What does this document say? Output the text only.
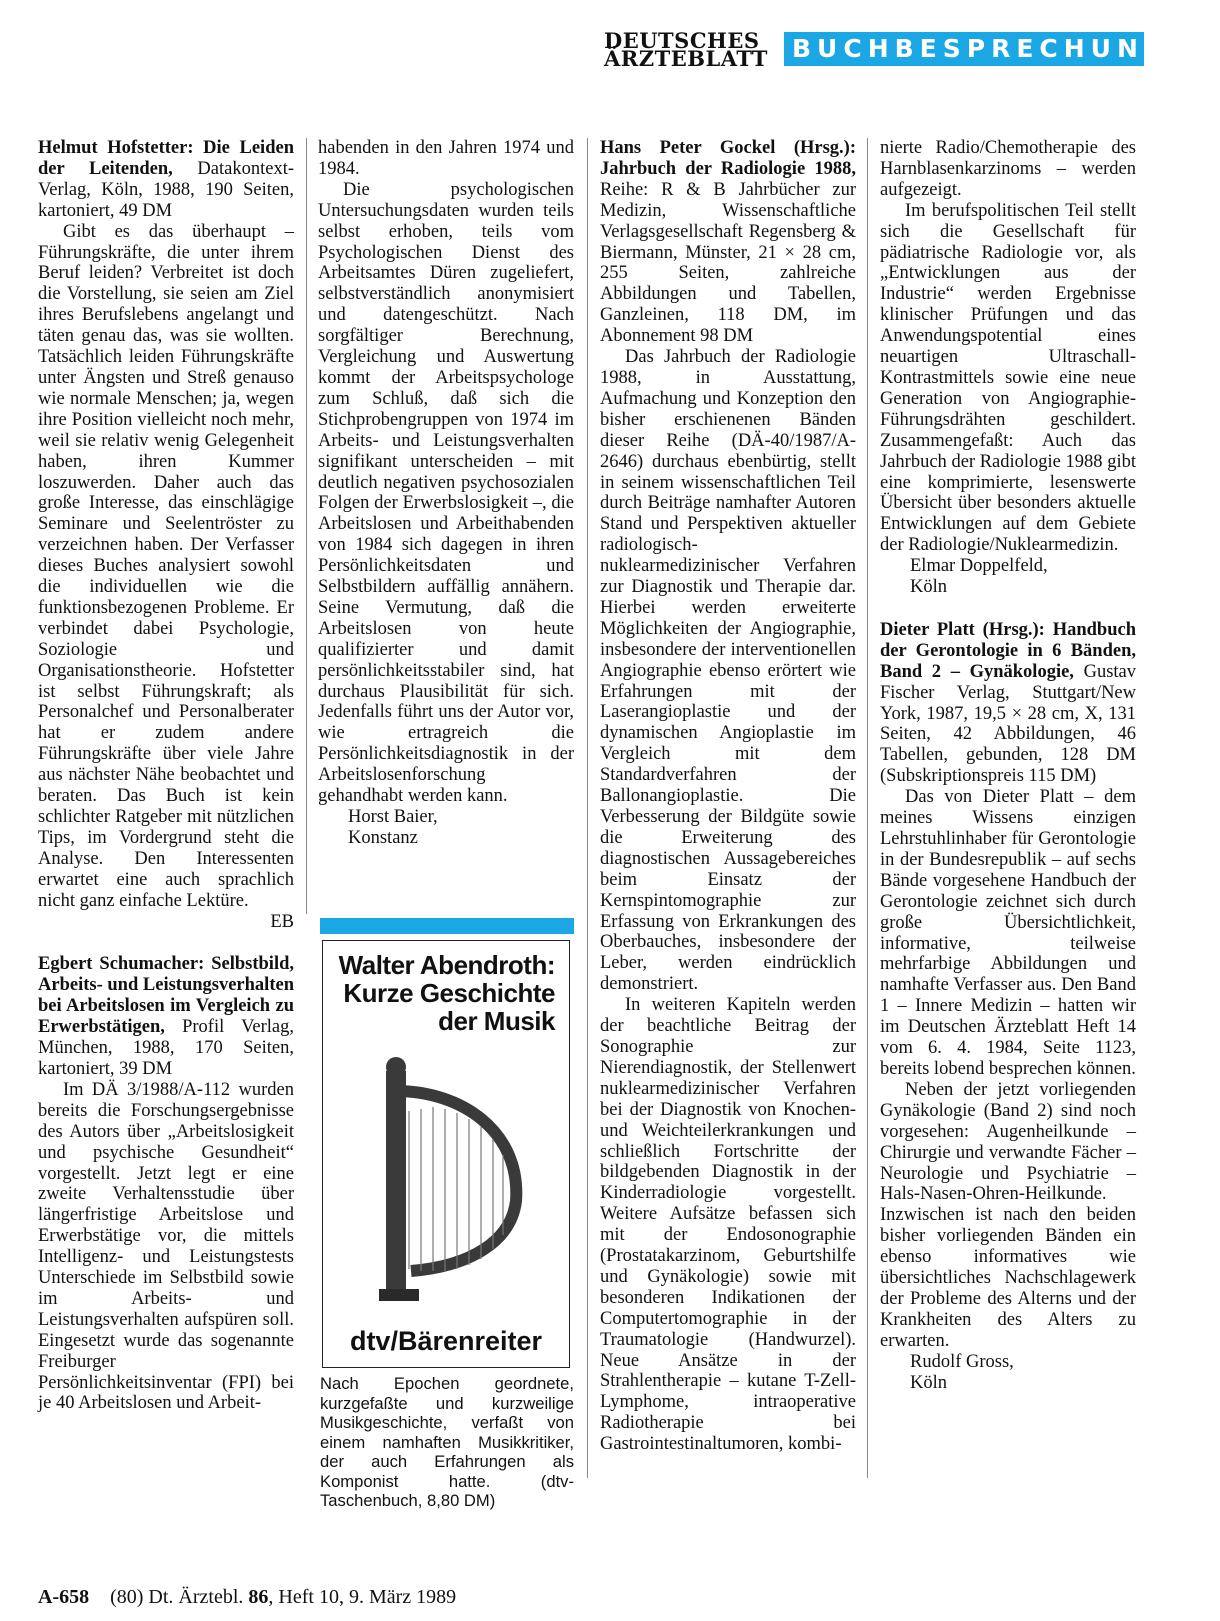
DEUTSCHES
ÄRZTEBLATT BUCHBESPRECHUNGEN

Helmut Hofstetter: Die Leiden der Leitenden, Datakontext-Verlag, Köln, 1988, 190 Seiten, kartoniert, 49 DM

Gibt es das überhaupt – Führungskräfte, die unter ihrem Beruf leiden? Verbreitet ist doch die Vorstellung, sie seien am Ziel ihres Berufslebens angelangt und täten genau das, was sie wollten. Tatsächlich leiden Führungskräfte unter Ängsten und Streß genauso wie normale Menschen; ja, wegen ihre Position vielleicht noch mehr, weil sie relativ wenig Gelegenheit haben, ihren Kummer loszuwerden. Daher auch das große Interesse, das einschlägige Seminare und Seelentröster zu verzeichnen haben. Der Verfasser dieses Buches analysiert sowohl die individuellen wie die funktionsbezogenen Probleme. Er verbindet dabei Psychologie, Soziologie und Organisationstheorie. Hofstetter ist selbst Führungskraft; als Personalchef und Personalberater hat er zudem andere Führungskräfte über viele Jahre aus nächster Nähe beobachtet und beraten. Das Buch ist kein schlichter Ratgeber mit nützlichen Tips, im Vordergrund steht die Analyse. Den Interessenten erwartet eine auch sprachlich nicht ganz einfache Lektüre.

EB

Egbert Schumacher: Selbstbild, Arbeits- und Leistungsverhalten bei Arbeitslosen im Vergleich zu Erwerbstätigen, Profil Verlag, München, 1988, 170 Seiten, kartoniert, 39 DM

Im DÄ 3/1988/A-112 wurden bereits die Forschungsergebnisse des Autors über „Arbeitslosigkeit und psychische Gesundheit“ vorgestellt. Jetzt legt er eine zweite Verhaltensstudie über längerfristige Arbeitslose und Erwerbstätige vor, die mittels Intelligenz- und Leistungstests Unterschiede im Selbstbild sowie im Arbeits- und Leistungsverhalten aufspüren soll. Eingesetzt wurde das sogenannte Freiburger Persönlichkeitsinventar (FPI) bei je 40 Arbeitslosen und Arbeit-

habenden in den Jahren 1974 und 1984.

Die psychologischen Untersuchungsdaten wurden teils selbst erhoben, teils vom Psychologischen Dienst des Arbeitsamtes Düren zugeliefert, selbstverständlich anonymisiert und datengeschützt. Nach sorgfältiger Berechnung, Vergleichung und Auswertung kommt der Arbeitspsychologe zum Schluß, daß sich die Stichprobengruppen von 1974 im Arbeits- und Leistungsverhalten signifikant unterscheiden – mit deutlich negativen psychosozialen Folgen der Erwerbslosigkeit –, die Arbeitslosen und Arbeithabenden von 1984 sich dagegen in ihren Persönlichkeitsdaten und Selbstbildern auffällig annähern. Seine Vermutung, daß die Arbeitslosen von heute qualifizierter und damit persönlichkeitsstabiler sind, hat durchaus Plausibilität für sich. Jedenfalls führt uns der Autor vor, wie ertragreich die Persönlichkeitsdiagnostik in der Arbeitslosenforschung gehandhabt werden kann.

Horst Baier,
Konstanz
Walter Abendroth: Kurze Geschichte der Musik
dtv/Bärenreiter
Nach Epochen geordnete, kurzgefaßte und kurzweilige Musikgeschichte, verfaßt von einem namhaften Musikkritiker, der auch Erfahrungen als Komponist hatte. (dtv-Taschenbuch, 8,80 DM)

Hans Peter Gockel (Hrsg.): Jahrbuch der Radiologie 1988, Reihe: R & B Jahrbücher zur Medizin, Wissenschaftliche Verlagsgesellschaft Regensberg & Biermann, Münster, 21 × 28 cm, 255 Seiten, zahlreiche Abbildungen und Tabellen, Ganzleinen, 118 DM, im Abonnement 98 DM

Das Jahrbuch der Radiologie 1988, in Ausstattung, Aufmachung und Konzeption den bisher erschienenen Bänden dieser Reihe (DÄ-40/1987/A-2646) durchaus ebenbürtig, stellt in seinem wissenschaftlichen Teil durch Beiträge namhafter Autoren Stand und Perspektiven aktueller radiologisch-nuklearmedizinischer Verfahren zur Diagnostik und Therapie dar. Hierbei werden erweiterte Möglichkeiten der Angiographie, insbesondere der interventionellen Angiographie ebenso erörtert wie Erfahrungen mit der Laserangioplastie und der dynamischen Angioplastie im Vergleich mit dem Standardverfahren der Ballonangioplastie. Die Verbesserung der Bildgüte sowie die Erweiterung des diagnostischen Aussagebereiches beim Einsatz der Kernspintomographie zur Erfassung von Erkrankungen des Oberbauches, insbesondere der Leber, werden eindrücklich demonstriert.

In weiteren Kapiteln werden der beachtliche Beitrag der Sonographie zur Nierendiagnostik, der Stellenwert nuklearmedizinischer Verfahren bei der Diagnostik von Knochen- und Weichteilerkrankungen und schließlich Fortschritte der bildgebenden Diagnostik in der Kinderradiologie vorgestellt. Weitere Aufsätze befassen sich mit der Endosonographie (Prostatakarzinom, Geburtshilfe und Gynäkologie) sowie mit besonderen Indikationen der Computertomographie in der Traumatologie (Handwurzel). Neue Ansätze in der Strahlentherapie – kutane T-Zell-Lymphome, intraoperative Radiotherapie bei Gastrointestinaltumoren, kombi-

nierte Radio/Chemotherapie des Harnblasenkarzinoms – werden aufgezeigt.

Im berufspolitischen Teil stellt sich die Gesellschaft für pädiatrische Radiologie vor, als „Entwicklungen aus der Industrie“ werden Ergebnisse klinischer Prüfungen und das Anwendungspotential eines neuartigen Ultraschall-Kontrastmittels sowie eine neue Generation von Angiographie-Führungsdrähten geschildert. Zusammengefaßt: Auch das Jahrbuch der Radiologie 1988 gibt eine komprimierte, lesenswerte Übersicht über besonders aktuelle Entwicklungen auf dem Gebiete der Radiologie/Nuklearmedizin.

Elmar Doppelfeld,
Köln

Dieter Platt (Hrsg.): Handbuch der Gerontologie in 6 Bänden, Band 2 – Gynäkologie, Gustav Fischer Verlag, Stuttgart/New York, 1987, 19,5 × 28 cm, X, 131 Seiten, 42 Abbildungen, 46 Tabellen, gebunden, 128 DM (Subskriptionspreis 115 DM)

Das von Dieter Platt – dem meines Wissens einzigen Lehrstuhlinhaber für Gerontologie in der Bundesrepublik – auf sechs Bände vorgesehene Handbuch der Gerontologie zeichnet sich durch große Übersichtlichkeit, informative, teilweise mehrfarbige Abbildungen und namhafte Verfasser aus. Den Band 1 – Innere Medizin – hatten wir im Deutschen Ärzteblatt Heft 14 vom 6. 4. 1984, Seite 1123, bereits lobend besprechen können.

Neben der jetzt vorliegenden Gynäkologie (Band 2) sind noch vorgesehen: Augenheilkunde – Chirurgie und verwandte Fächer – Neurologie und Psychiatrie – Hals-Nasen-Ohren-Heilkunde. Inzwischen ist nach den beiden bisher vorliegenden Bänden ein ebenso informatives wie übersichtliches Nachschlagewerk der Probleme des Alterns und der Krankheiten des Alters zu erwarten.

Rudolf Gross,
Köln
A-658 (80) Dt. Ärztebl. 86, Heft 10, 9. März 1989
